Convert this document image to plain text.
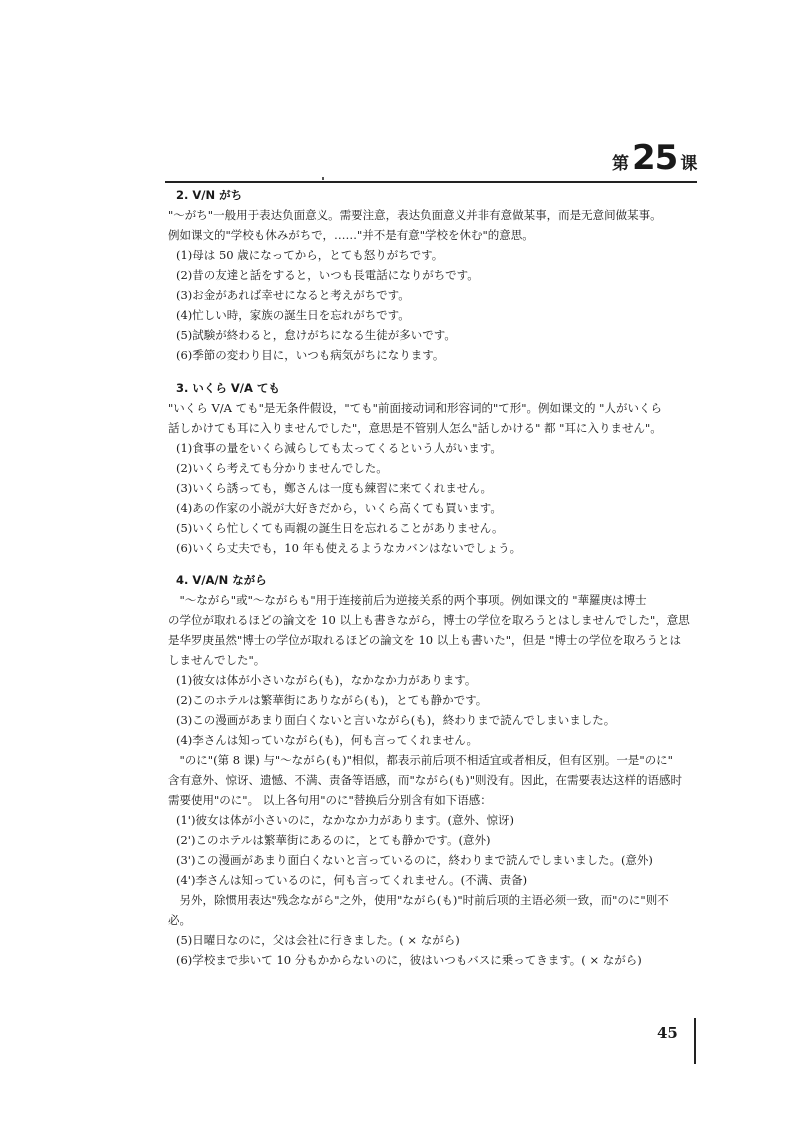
第 25 课
2. V/N がち
"～がち"一般用于表达负面意义。需要注意，表达负面意义并非有意做某事，而是无意间做某事。
例如课文的"学校も休みがちで，……"并不是有意"学校を休む"的意思。
(1)母は 50 歳になってから，とても怒りがちです。
(2)昔の友達と話をすると，いつも長電話になりがちです。
(3)お金があれば幸せになると考えがちです。
(4)忙しい時，家族の誕生日を忘れがちです。
(5)試験が終わると，怠けがちになる生徒が多いです。
(6)季節の変わり目に，いつも病気がちになります。
3. いくら V/A ても
"いくら V/A ても"是无条件假设，"ても"前面接动词和形容词的"て形"。例如课文的 "人がいくら
話しかけても耳に入りませんでした"，意思是不管别人怎么"話しかける" 都 "耳に入りません"。
(1)食事の量をいくら減らしても太ってくるという人がいます。
(2)いくら考えても分かりませんでした。
(3)いくら誘っても，鄭さんは一度も練習に来てくれません。
(4)あの作家の小説が大好きだから，いくら高くても買います。
(5)いくら忙しくても両親の誕生日を忘れることがありません。
(6)いくら丈夫でも，10 年も使えるようなカバンはないでしょう。
4. V/A/N ながら
　"～ながら"或"～ながらも"用于连接前后为逆接关系的两个事项。例如课文的 "華羅庚は博士
の学位が取れるほどの論文を 10 以上も書きながら，博士の学位を取ろうとはしませんでした"，意思
是华罗庚虽然"博士の学位が取れるほどの論文を 10 以上も書いた"，但是 "博士の学位を取ろうとは
しませんでした"。
(1)彼女は体が小さいながら(も)，なかなか力があります。
(2)このホテルは繁華街にありながら(も)，とても静かです。
(3)この漫画があまり面白くないと言いながら(も)，終わりまで読んでしまいました。
(4)李さんは知っていながら(も)，何も言ってくれません。
　"のに"(第 8 课) 与"～ながら(も)"相似，都表示前后项不相适宜或者相反，但有区别。一是"のに"
含有意外、惊讶、遗憾、不满、责备等语感，而"ながら(も)"则没有。因此，在需要表达这样的语感时
需要使用"のに"。 以上各句用"のに"替换后分别含有如下语感：
(1')彼女は体が小さいのに，なかなか力があります。(意外、惊讶)
(2')このホテルは繁華街にあるのに，とても静かです。(意外)
(3')この漫画があまり面白くないと言っているのに，終わりまで読んでしまいました。(意外)
(4')李さんは知っているのに，何も言ってくれません。(不满、责备)
　另外，除惯用表达"残念ながら"之外，使用"ながら(も)"时前后项的主语必须一致，而"のに"则不
必。
(5)日曜日なのに，父は会社に行きました。( × ながら)
(6)学校まで歩いて 10 分もかからないのに，彼はいつもバスに乗ってきます。( × ながら)
45
